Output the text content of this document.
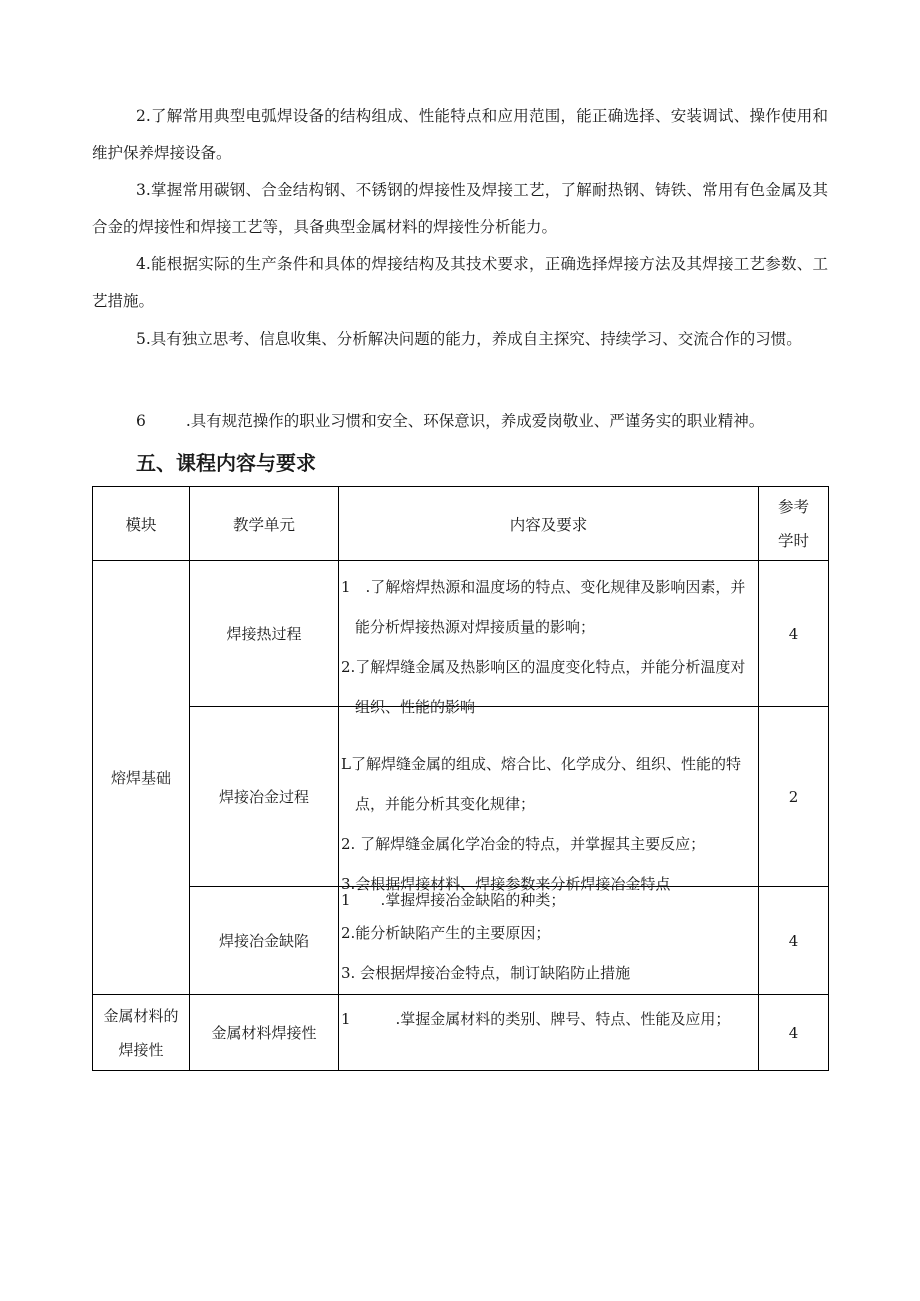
2.了解常用典型电弧焊设备的结构组成、性能特点和应用范围，能正确选择、安装调试、操作使用和维护保养焊接设备。

3.掌握常用碳钢、合金结构钢、不锈钢的焊接性及焊接工艺，了解耐热钢、铸铁、常用有色金属及其合金的焊接性和焊接工艺等，具备典型金属材料的焊接性分析能力。

4.能根据实际的生产条件和具体的焊接结构及其技术要求，正确选择焊接方法及其焊接工艺参数、工艺措施。

5.具有独立思考、信息收集、分析解决问题的能力，养成自主探究、持续学习、交流合作的习惯。

6	.具有规范操作的职业习惯和安全、环保意识，养成爱岗敬业、严谨务实的职业精神。

五、课程内容与要求
模块	教学单元	内容及要求	参考
学时

熔焊基础	焊接热过程	1　.了解熔焊热源和温度场的特点、变化规律及影响因素，并能分析焊接热源对焊接质量的影响；

2.了解焊缝金属及热影响区的温度变化特点，并能分析温度对组织、性能的影响	4
	焊接冶金过程	L了解焊缝金属的组成、熔合比、化学成分、组织、性能的特点，并能分析其变化规律；

2. 了解焊缝金属化学冶金的特点，并掌握其主要反应；

3.会根据焊接材料、焊接参数来分析焊接冶金特点	2
	焊接冶金缺陷	1　　.掌握焊接冶金缺陷的种类；

2.能分析缺陷产生的主要原因；

3. 会根据焊接冶金特点，制订缺陷防止措施	4

金属材料的
焊接性	金属材料焊接性	1　　　.掌握金属材料的类别、牌号、特点、性能及应用；	4
